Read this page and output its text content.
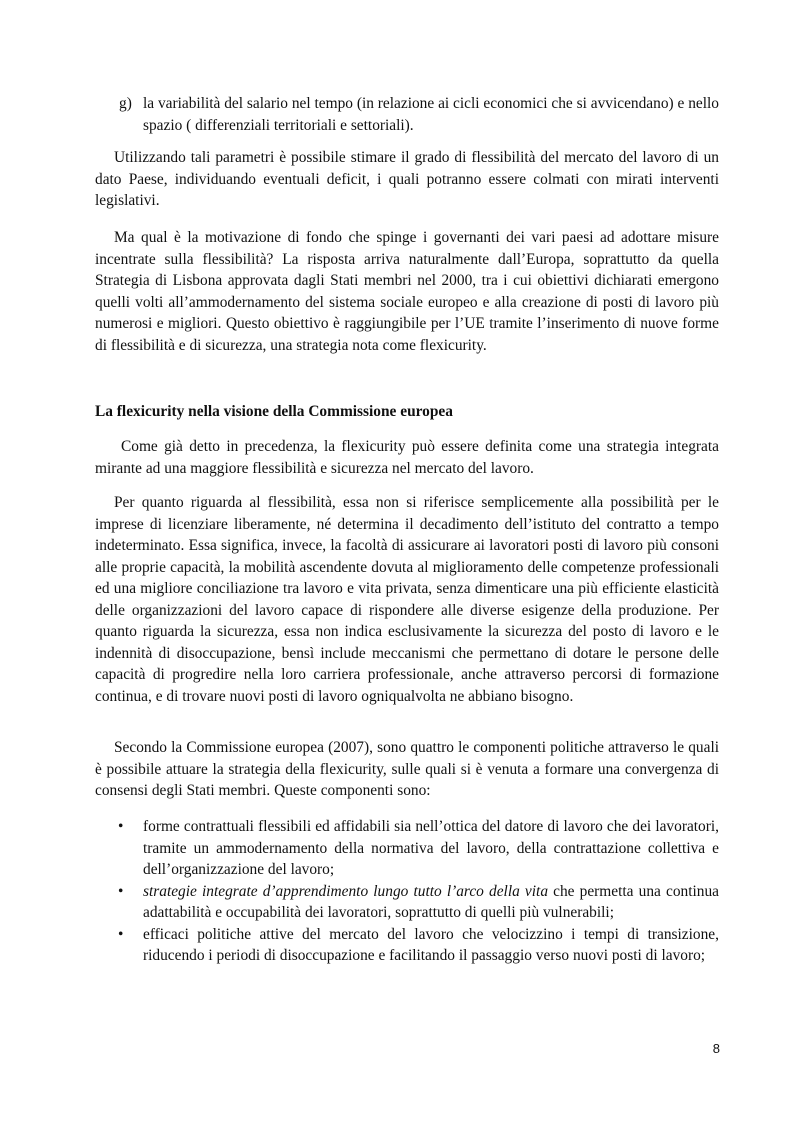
g) la variabilità del salario nel tempo (in relazione ai cicli economici che si avvicendano) e nello spazio ( differenziali territoriali e settoriali).
Utilizzando tali parametri è possibile stimare il grado di flessibilità del mercato del lavoro di un dato Paese, individuando eventuali deficit, i quali potranno essere colmati con mirati interventi legislativi.
Ma qual è la motivazione di fondo che spinge i governanti dei vari paesi ad adottare misure incentrate sulla flessibilità? La risposta arriva naturalmente dall’Europa, soprattutto da quella Strategia di Lisbona approvata dagli Stati membri nel 2000, tra i cui obiettivi dichiarati emergono quelli volti all’ammodernamento del sistema sociale europeo e alla creazione di posti di lavoro più numerosi e migliori. Questo obiettivo è raggiungibile per l’UE tramite l’inserimento di nuove forme di flessibilità e di sicurezza, una strategia nota come flexicurity.
La flexicurity nella visione della Commissione europea
Come già detto in precedenza, la flexicurity può essere definita come una strategia integrata mirante ad una maggiore flessibilità e sicurezza nel mercato del lavoro.
Per quanto riguarda al flessibilità, essa non si riferisce semplicemente alla possibilità per le imprese di licenziare liberamente, né determina il decadimento dell’istituto del contratto a tempo indeterminato. Essa significa, invece, la facoltà di assicurare ai lavoratori posti di lavoro più consoni alle proprie capacità, la mobilità ascendente dovuta al miglioramento delle competenze professionali ed una migliore conciliazione tra lavoro e vita privata, senza dimenticare una più efficiente elasticità delle organizzazioni del lavoro capace di rispondere alle diverse esigenze della produzione. Per quanto riguarda la sicurezza, essa non indica esclusivamente la sicurezza del posto di lavoro e le indennità di disoccupazione, bensì include meccanismi che permettano di dotare le persone delle capacità di progredire nella loro carriera professionale, anche attraverso percorsi di formazione continua, e di trovare nuovi posti di lavoro ogniqualvolta ne abbiano bisogno.
Secondo la Commissione europea (2007), sono quattro le componenti politiche attraverso le quali è possibile attuare la strategia della flexicurity, sulle quali si è venuta a formare una convergenza di consensi degli Stati membri. Queste componenti sono:
• forme contrattuali flessibili ed affidabili sia nell’ottica del datore di lavoro che dei lavoratori, tramite un ammodernamento della normativa del lavoro, della contrattazione collettiva e dell’organizzazione del lavoro;
• strategie integrate d’apprendimento lungo tutto l’arco della vita che permetta una continua adattabilità e occupabilità dei lavoratori, soprattutto di quelli più vulnerabili;
• efficaci politiche attive del mercato del lavoro che velocizzino i tempi di transizione, riducendo i periodi di disoccupazione e facilitando il passaggio verso nuovi posti di lavoro;
8
